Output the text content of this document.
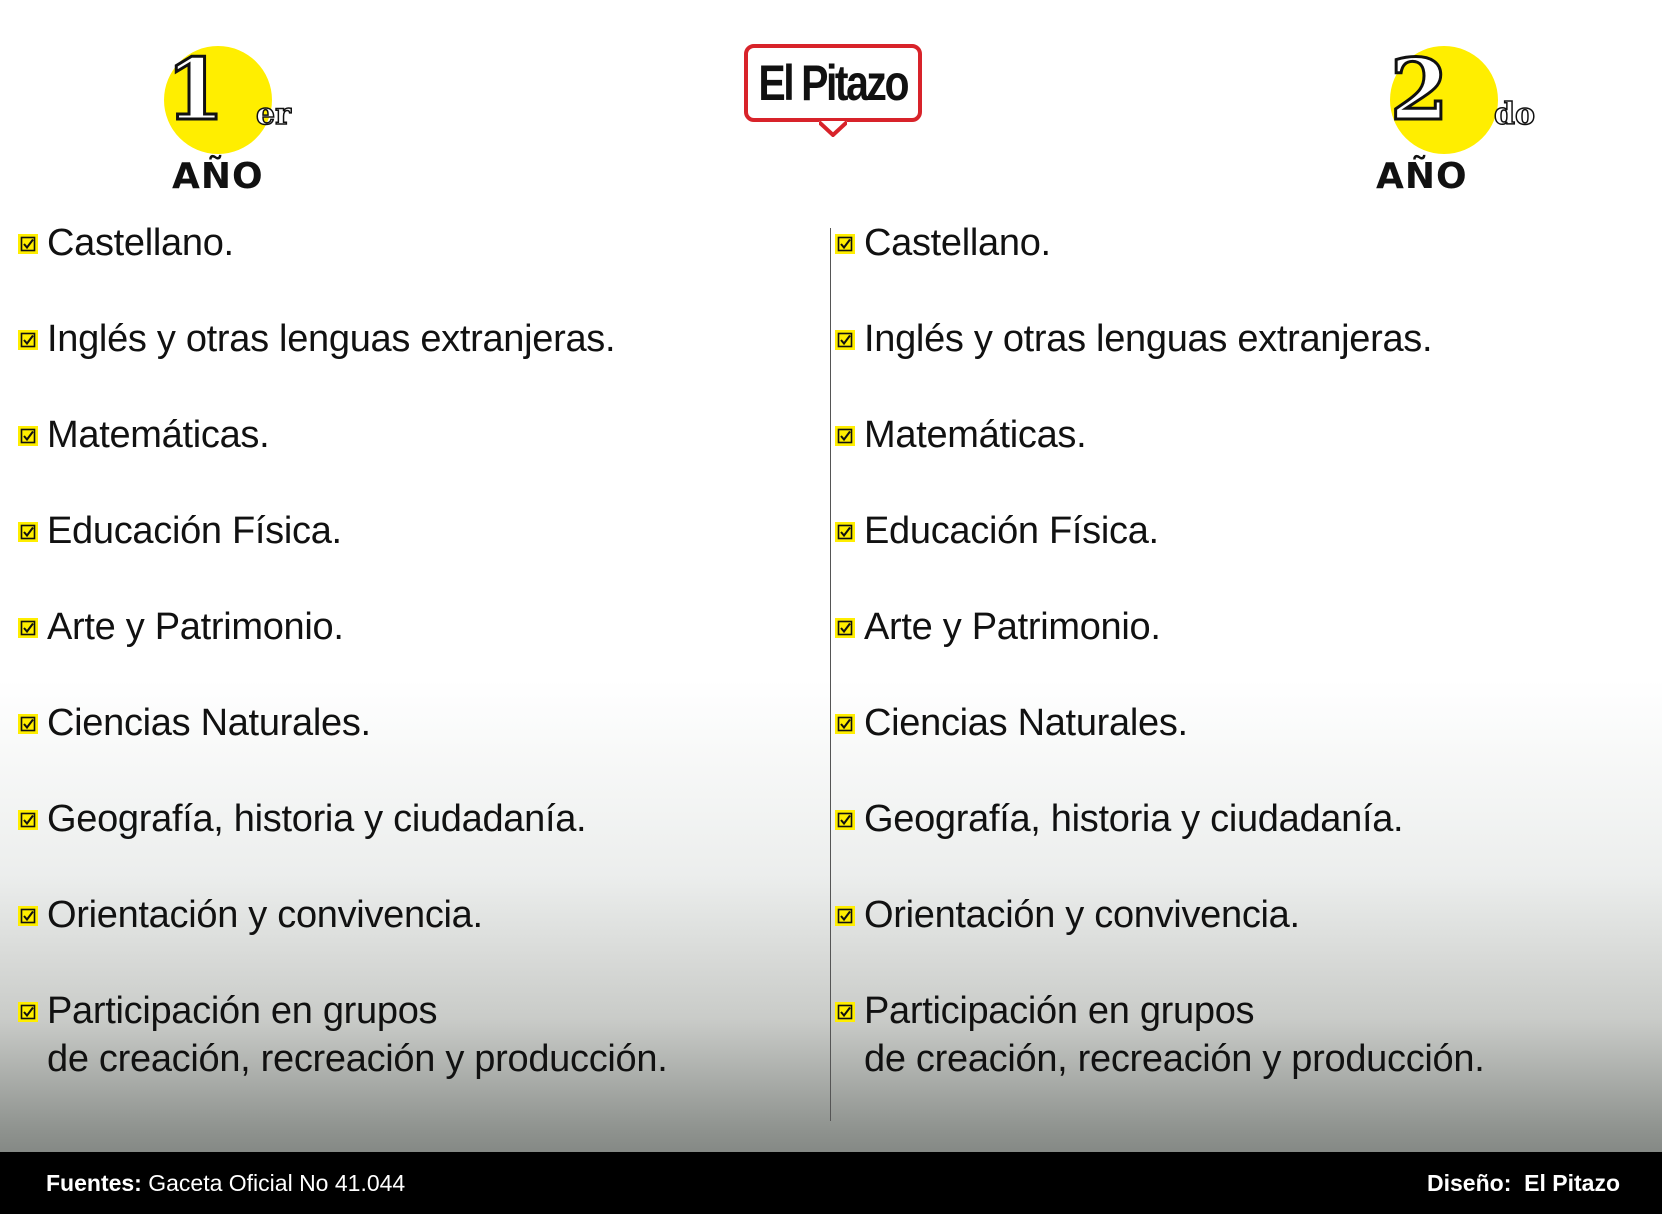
El Pitazo
1 er
AÑO
2 do
AÑO
Castellano.
Inglés y otras lenguas extranjeras.
Matemáticas.
Educación Física.
Arte y Patrimonio.
Ciencias Naturales.
Geografía, historia y ciudadanía.
Orientación y convivencia.
Participación en grupos
de creación, recreación y producción.
Castellano.
Inglés y otras lenguas extranjeras.
Matemáticas.
Educación Física.
Arte y Patrimonio.
Ciencias Naturales.
Geografía, historia y ciudadanía.
Orientación y convivencia.
Participación en grupos
de creación, recreación y producción.
Fuentes: Gaceta Oficial No 41.044	Diseño: El Pitazo
